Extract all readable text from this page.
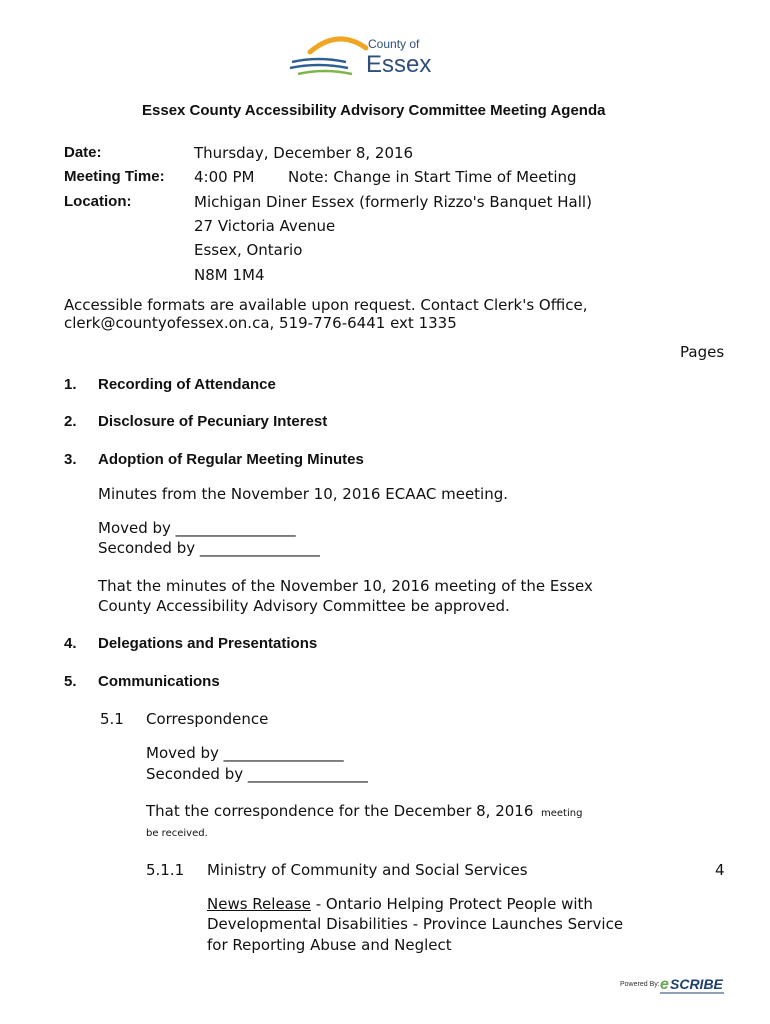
County of
Essex
Essex County Accessibility Advisory Committee Meeting Agenda
Date:	Thursday, December 8, 2016
Meeting Time: 4:00 PM Note: Change in Start Time of Meeting
Location:	Michigan Diner Essex (formerly Rizzo's Banquet Hall)
27 Victoria Avenue
Essex, Ontario
N8M 1M4
Accessible formats are available upon request. Contact Clerk's Office,
clerk@countyofessex.on.ca, 519-776-6441 ext 1335
Pages
1. Recording of Attendance
2. Disclosure of Pecuniary Interest
3. Adoption of Regular Meeting Minutes
Minutes from the November 10, 2016 ECAAC meeting.
Moved by ________________
Seconded by ________________
That the minutes of the November 10, 2016 meeting of the Essex
County Accessibility Advisory Committee be approved.
4. Delegations and Presentations
5. Communications
5.1 Correspondence
Moved by ________________
Seconded by ________________
That the correspondence for the December 8, 2016 meeting
be received.
5.1.1 Ministry of Community and Social Services	4
News Release - Ontario Helping Protect People with
Developmental Disabilities - Province Launches Service
for Reporting Abuse and Neglect
Powered By: e SCRIBE
